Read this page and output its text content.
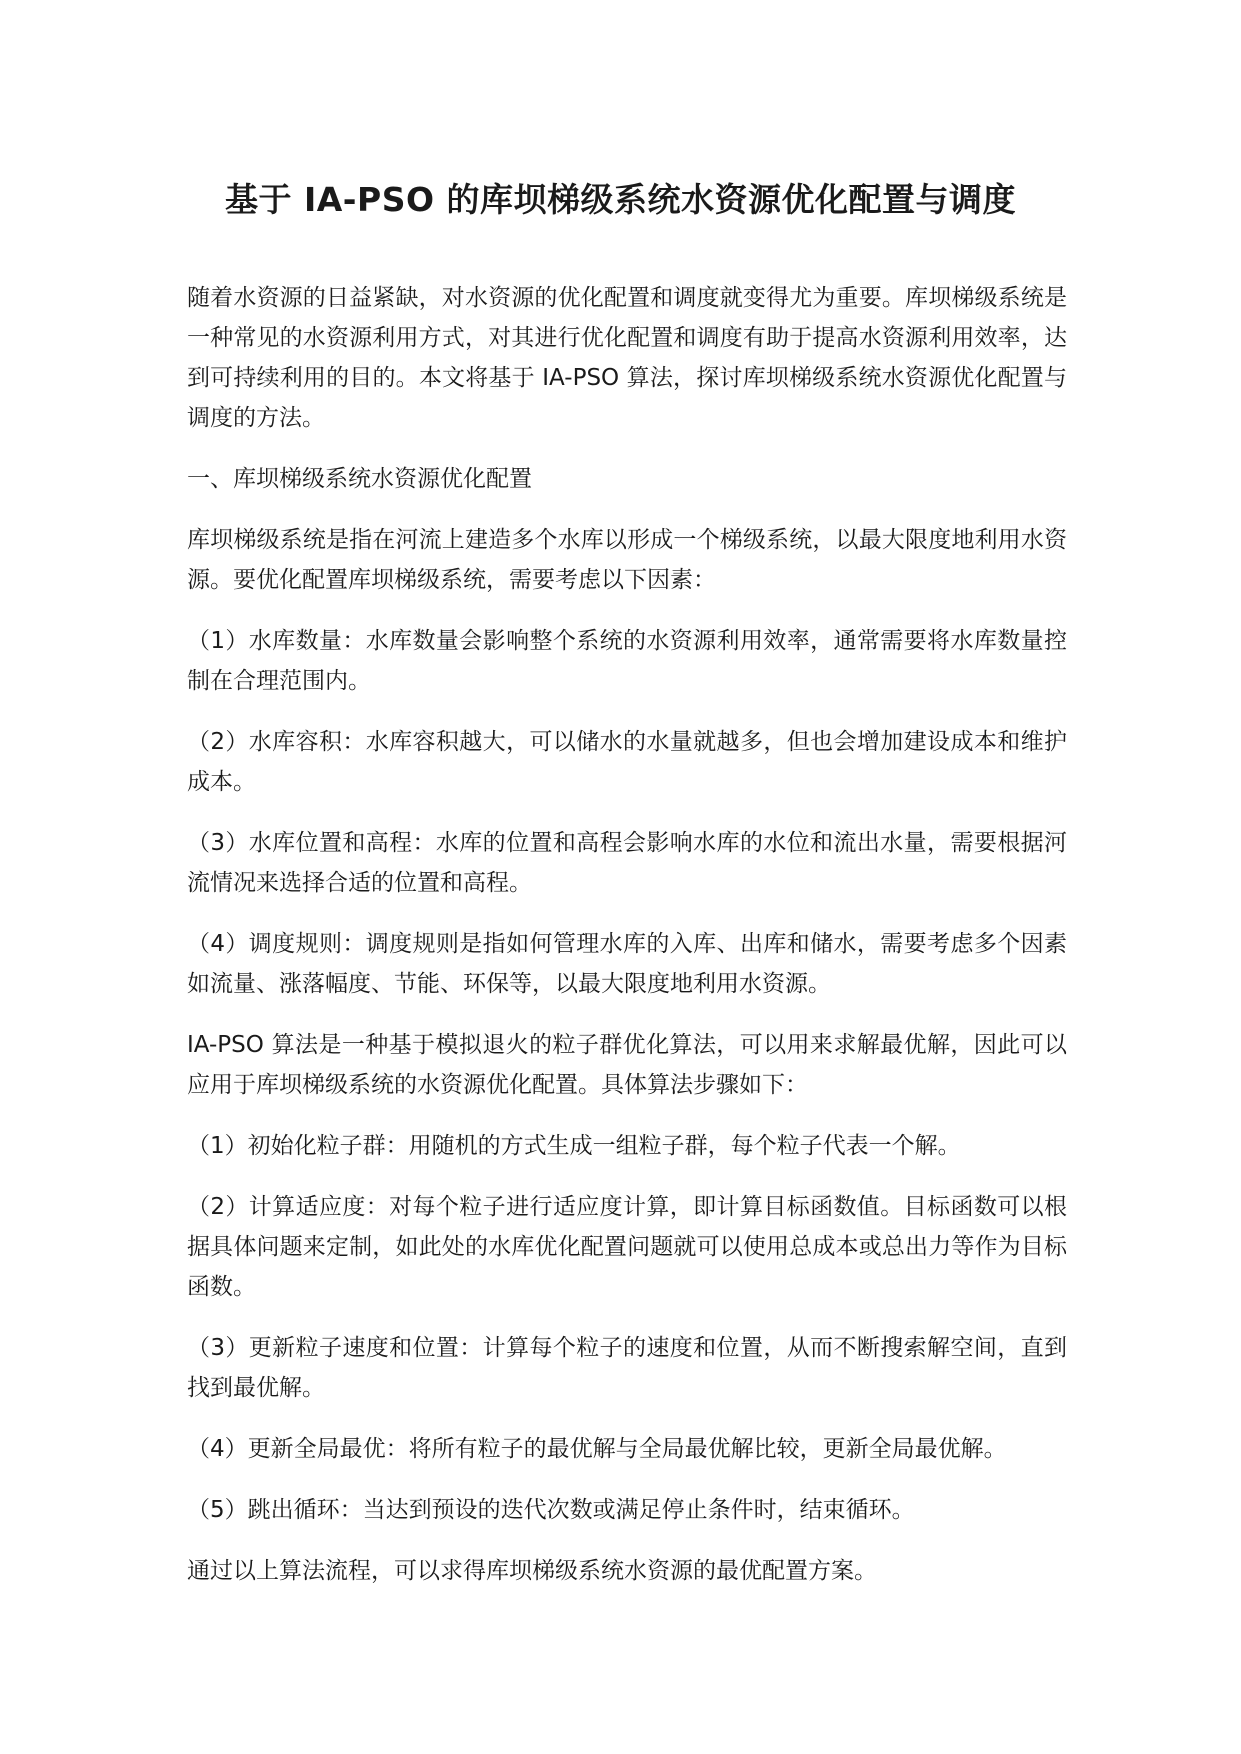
基于 IA-PSO 的库坝梯级系统水资源优化配置与调度

随着水资源的日益紧缺，对水资源的优化配置和调度就变得尤为重要。库坝梯级系统是一种常见的水资源利用方式，对其进行优化配置和调度有助于提高水资源利用效率，达到可持续利用的目的。本文将基于 IA-PSO 算法，探讨库坝梯级系统水资源优化配置与调度的方法。

一、库坝梯级系统水资源优化配置

库坝梯级系统是指在河流上建造多个水库以形成一个梯级系统，以最大限度地利用水资源。要优化配置库坝梯级系统，需要考虑以下因素：

（1）水库数量：水库数量会影响整个系统的水资源利用效率，通常需要将水库数量控制在合理范围内。

（2）水库容积：水库容积越大，可以储水的水量就越多，但也会增加建设成本和维护成本。

（3）水库位置和高程：水库的位置和高程会影响水库的水位和流出水量，需要根据河流情况来选择合适的位置和高程。

（4）调度规则：调度规则是指如何管理水库的入库、出库和储水，需要考虑多个因素如流量、涨落幅度、节能、环保等，以最大限度地利用水资源。

IA-PSO 算法是一种基于模拟退火的粒子群优化算法，可以用来求解最优解，因此可以应用于库坝梯级系统的水资源优化配置。具体算法步骤如下：

（1）初始化粒子群：用随机的方式生成一组粒子群，每个粒子代表一个解。

（2）计算适应度：对每个粒子进行适应度计算，即计算目标函数值。目标函数可以根据具体问题来定制，如此处的水库优化配置问题就可以使用总成本或总出力等作为目标函数。

（3）更新粒子速度和位置：计算每个粒子的速度和位置，从而不断搜索解空间，直到找到最优解。

（4）更新全局最优：将所有粒子的最优解与全局最优解比较，更新全局最优解。

（5）跳出循环：当达到预设的迭代次数或满足停止条件时，结束循环。

通过以上算法流程，可以求得库坝梯级系统水资源的最优配置方案。
